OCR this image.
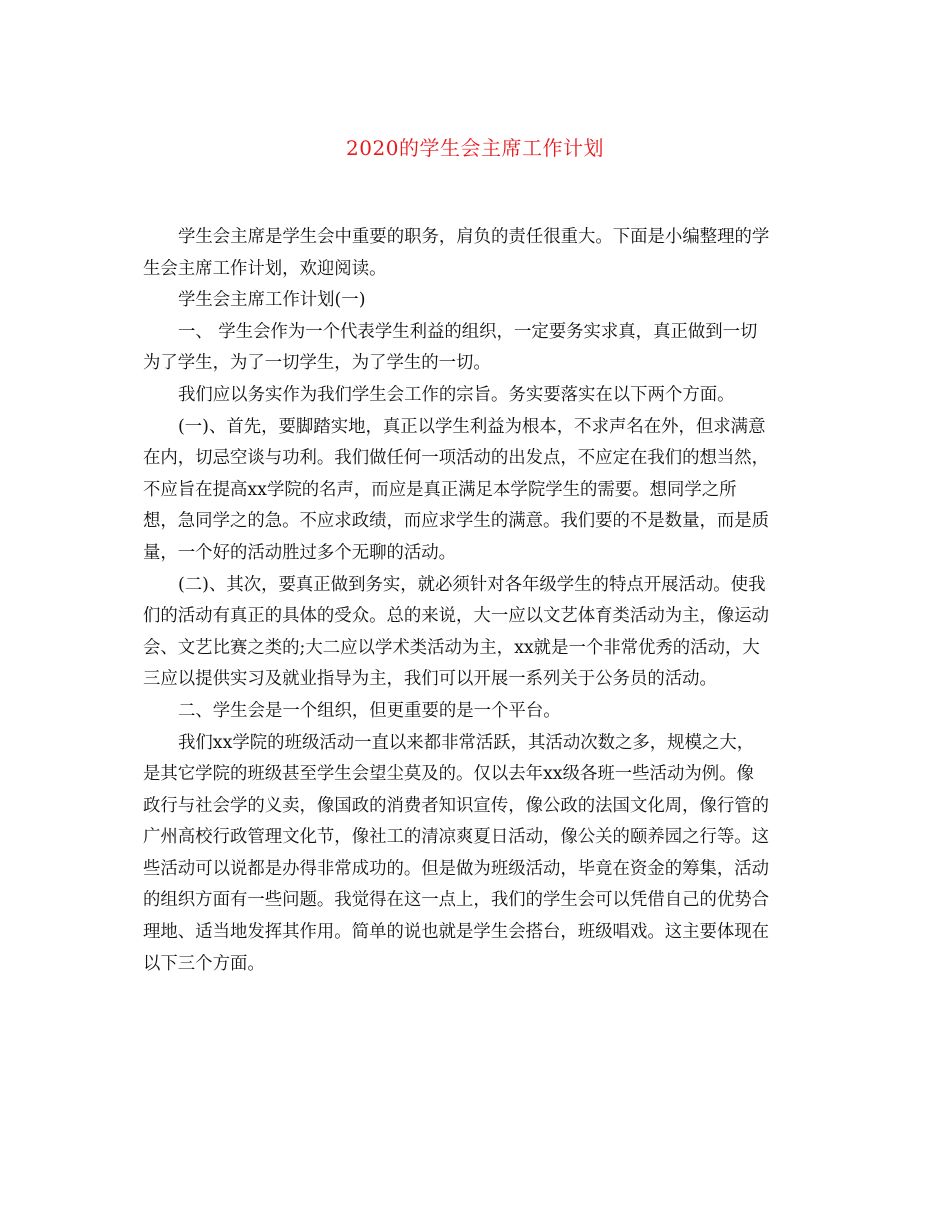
2020的学生会主席工作计划
学生会主席是学生会中重要的职务，肩负的责任很重大。下面是小编整理的学
生会主席工作计划，欢迎阅读。
学生会主席工作计划(一)
一、 学生会作为一个代表学生利益的组织，一定要务实求真，真正做到一切
为了学生，为了一切学生，为了学生的一切。
我们应以务实作为我们学生会工作的宗旨。务实要落实在以下两个方面。
(一)、首先，要脚踏实地，真正以学生利益为根本，不求声名在外，但求满意
在内，切忌空谈与功利。我们做任何一项活动的出发点，不应定在我们的想当然，
不应旨在提高xx学院的名声，而应是真正满足本学院学生的需要。想同学之所
想，急同学之的急。不应求政绩，而应求学生的满意。我们要的不是数量，而是质
量，一个好的活动胜过多个无聊的活动。
(二)、其次，要真正做到务实，就必须针对各年级学生的特点开展活动。使我
们的活动有真正的具体的受众。总的来说，大一应以文艺体育类活动为主，像运动
会、文艺比赛之类的;大二应以学术类活动为主，xx就是一个非常优秀的活动，大
三应以提供实习及就业指导为主，我们可以开展一系列关于公务员的活动。
二、学生会是一个组织，但更重要的是一个平台。
我们xx学院的班级活动一直以来都非常活跃，其活动次数之多，规模之大，
是其它学院的班级甚至学生会望尘莫及的。仅以去年xx级各班一些活动为例。像
政行与社会学的义卖，像国政的消费者知识宣传，像公政的法国文化周，像行管的
广州高校行政管理文化节，像社工的清凉爽夏日活动，像公关的颐养园之行等。这
些活动可以说都是办得非常成功的。但是做为班级活动，毕竟在资金的筹集，活动
的组织方面有一些问题。我觉得在这一点上，我们的学生会可以凭借自己的优势合
理地、适当地发挥其作用。简单的说也就是学生会搭台，班级唱戏。这主要体现在
以下三个方面。
